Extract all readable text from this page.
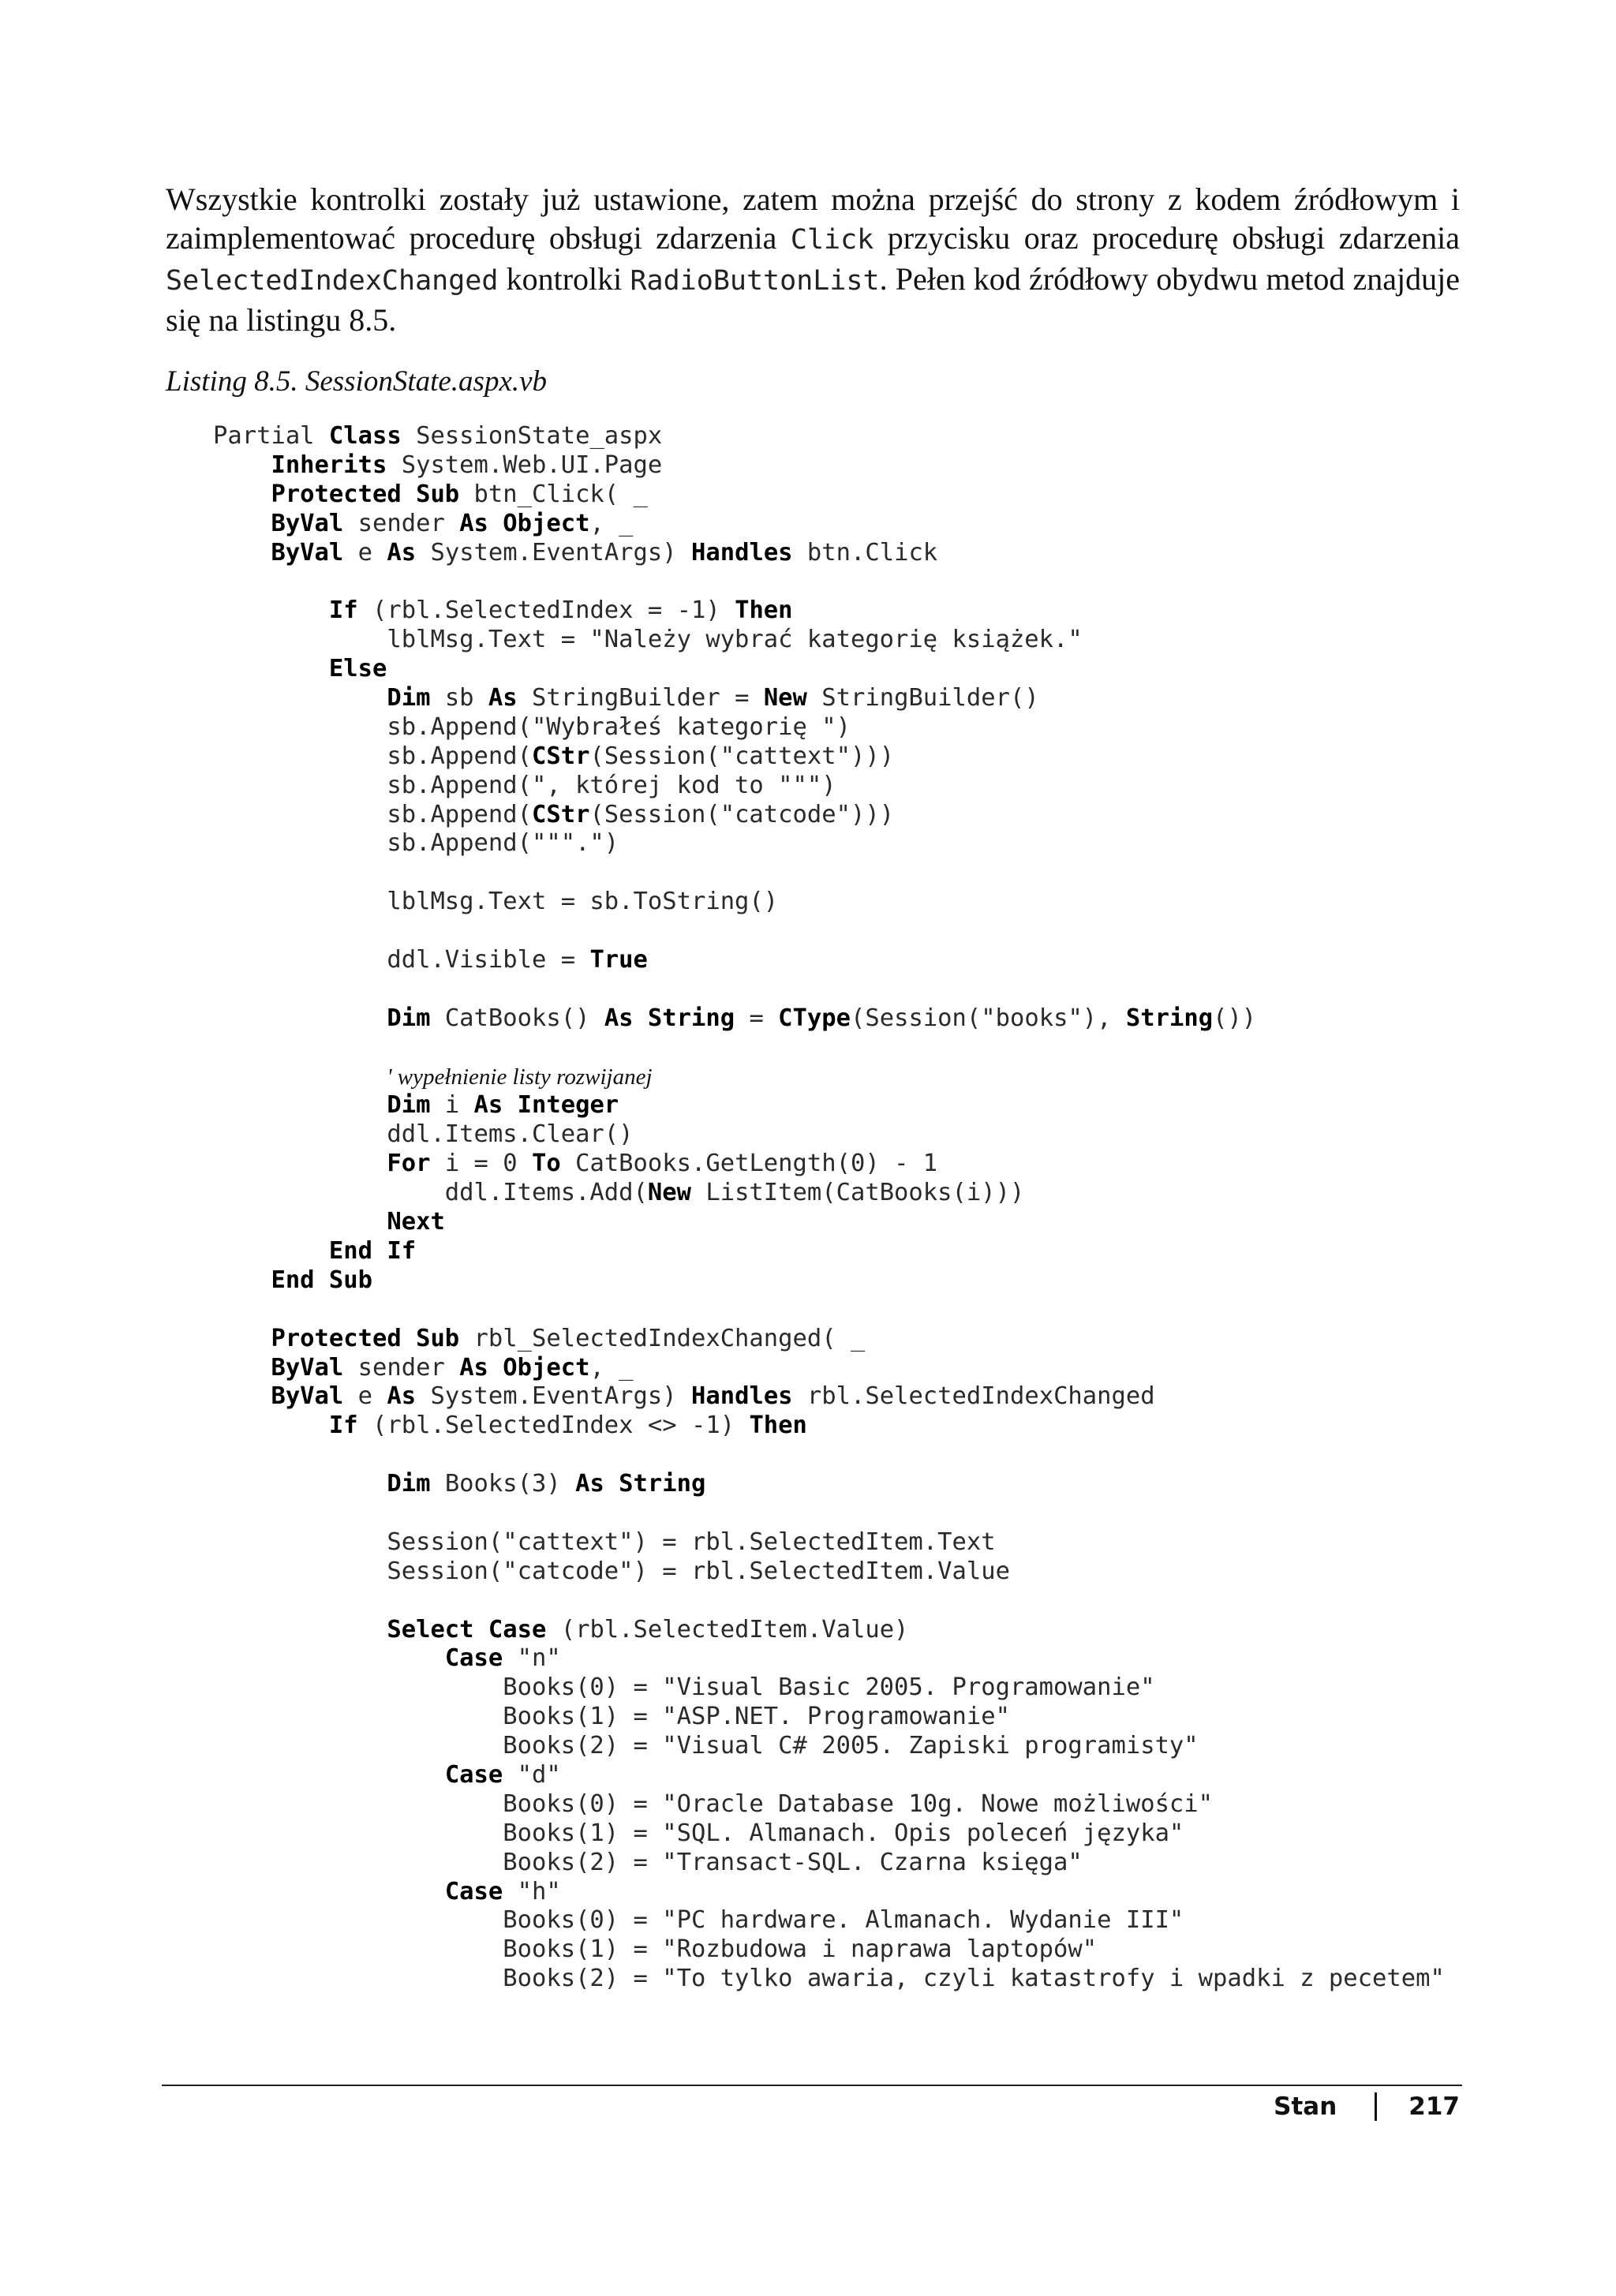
Wszystkie kontrolki zostały już ustawione, zatem można przejść do strony z kodem źródłowym i zaimplementować procedurę obsługi zdarzenia Click przycisku oraz procedurę obsługi zdarzenia SelectedIndexChanged kontrolki RadioButtonList. Pełen kod źródłowy obydwu metod znajduje się na listingu 8.5.

Listing 8.5. SessionState.aspx.vb

Partial Class SessionState_aspx
Inherits System.Web.UI.Page
Protected Sub btn_Click( _
ByVal sender As Object, _
ByVal e As System.EventArgs) Handles btn.Click

If (rbl.SelectedIndex = -1) Then
lblMsg.Text = "Należy wybrać kategorię książek."
Else
Dim sb As StringBuilder = New StringBuilder()
sb.Append("Wybrałeś kategorię ")
sb.Append(CStr(Session("cattext")))
sb.Append(", której kod to """)
sb.Append(CStr(Session("catcode")))
sb.Append(""".")

lblMsg.Text = sb.ToString()

ddl.Visible = True

Dim CatBooks() As String = CType(Session("books"), String())

' wypełnienie listy rozwijanej
Dim i As Integer
ddl.Items.Clear()
For i = 0 To CatBooks.GetLength(0) - 1
ddl.Items.Add(New ListItem(CatBooks(i)))
Next
End If
End Sub

Protected Sub rbl_SelectedIndexChanged( _
ByVal sender As Object, _
ByVal e As System.EventArgs) Handles rbl.SelectedIndexChanged
If (rbl.SelectedIndex <> -1) Then

Dim Books(3) As String

Session("cattext") = rbl.SelectedItem.Text
Session("catcode") = rbl.SelectedItem.Value

Select Case (rbl.SelectedItem.Value)
Case "n"
Books(0) = "Visual Basic 2005. Programowanie"
Books(1) = "ASP.NET. Programowanie"
Books(2) = "Visual C# 2005. Zapiski programisty"
Case "d"
Books(0) = "Oracle Database 10g. Nowe możliwości"
Books(1) = "SQL. Almanach. Opis poleceń języka"
Books(2) = "Transact-SQL. Czarna księga"
Case "h"
Books(0) = "PC hardware. Almanach. Wydanie III"
Books(1) = "Rozbudowa i naprawa laptopów"
Books(2) = "To tylko awaria, czyli katastrofy i wpadki z pecetem"
Stan	217
